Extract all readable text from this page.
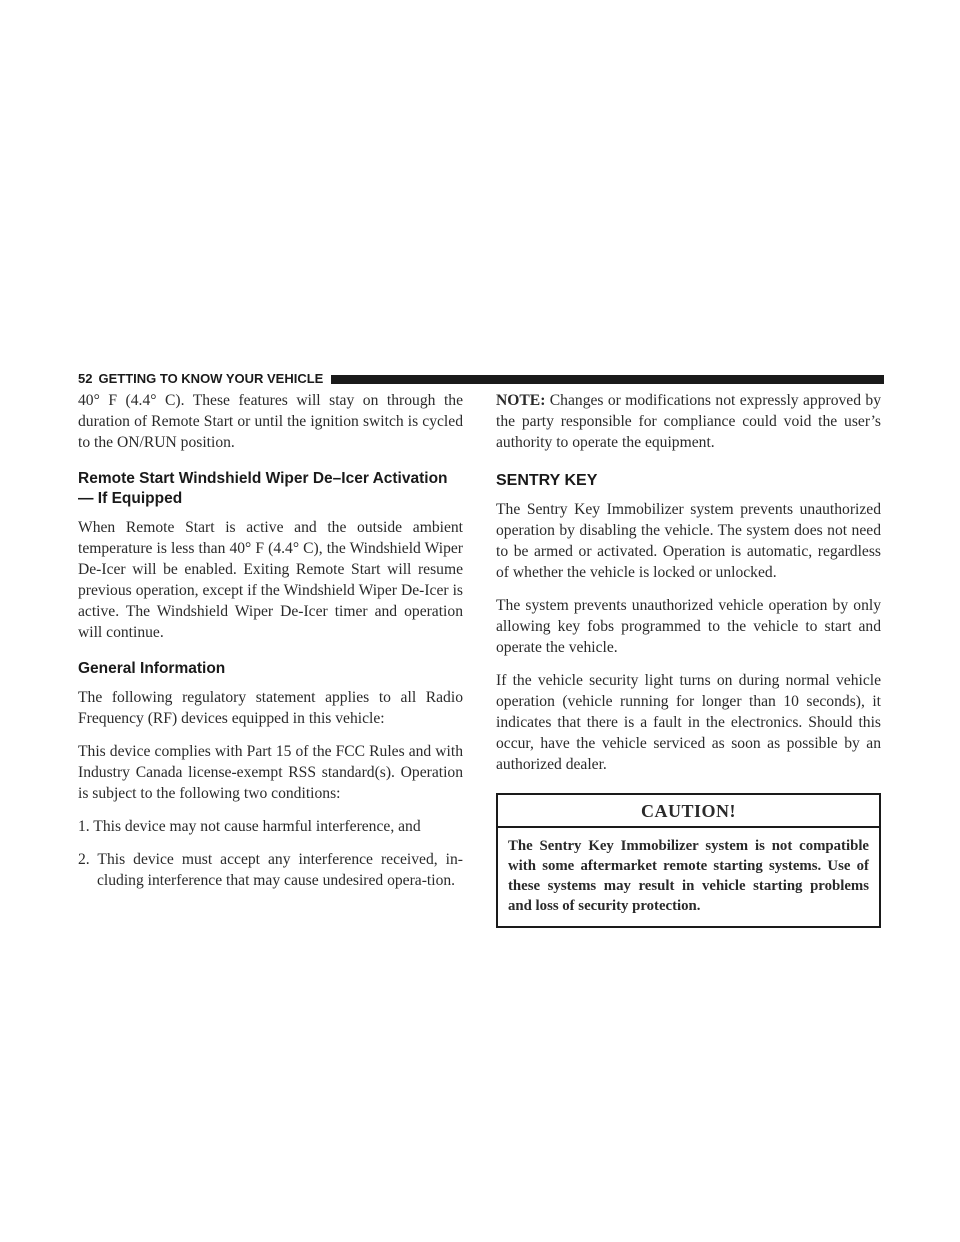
52 GETTING TO KNOW YOUR VEHICLE

40° F (4.4° C). These features will stay on through the duration of Remote Start or until the ignition switch is cycled to the ON/RUN position.

Remote Start Windshield Wiper De–Icer Activation — If Equipped

When Remote Start is active and the outside ambient temperature is less than 40° F (4.4° C), the Windshield Wiper De-Icer will be enabled. Exiting Remote Start will resume previous operation, except if the Windshield Wiper De-Icer is active. The Windshield Wiper De-Icer timer and operation will continue.

General Information

The following regulatory statement applies to all Radio Frequency (RF) devices equipped in this vehicle:

This device complies with Part 15 of the FCC Rules and with Industry Canada license-exempt RSS standard(s). Operation is subject to the following two conditions:

1. This device may not cause harmful interference, and
2. This device must accept any interference received, in-cluding interference that may cause undesired opera-tion.

NOTE: Changes or modifications not expressly approved by the party responsible for compliance could void the user’s authority to operate the equipment.

SENTRY KEY

The Sentry Key Immobilizer system prevents unauthorized operation by disabling the vehicle. The system does not need to be armed or activated. Operation is automatic, regardless of whether the vehicle is locked or unlocked.

The system prevents unauthorized vehicle operation by only allowing key fobs programmed to the vehicle to start and operate the vehicle.

If the vehicle security light turns on during normal vehicle operation (vehicle running for longer than 10 seconds), it indicates that there is a fault in the electronics. Should this occur, have the vehicle serviced as soon as possible by an authorized dealer.

CAUTION!
The Sentry Key Immobilizer system is not compatible with some aftermarket remote starting systems. Use of these systems may result in vehicle starting problems and loss of security protection.
